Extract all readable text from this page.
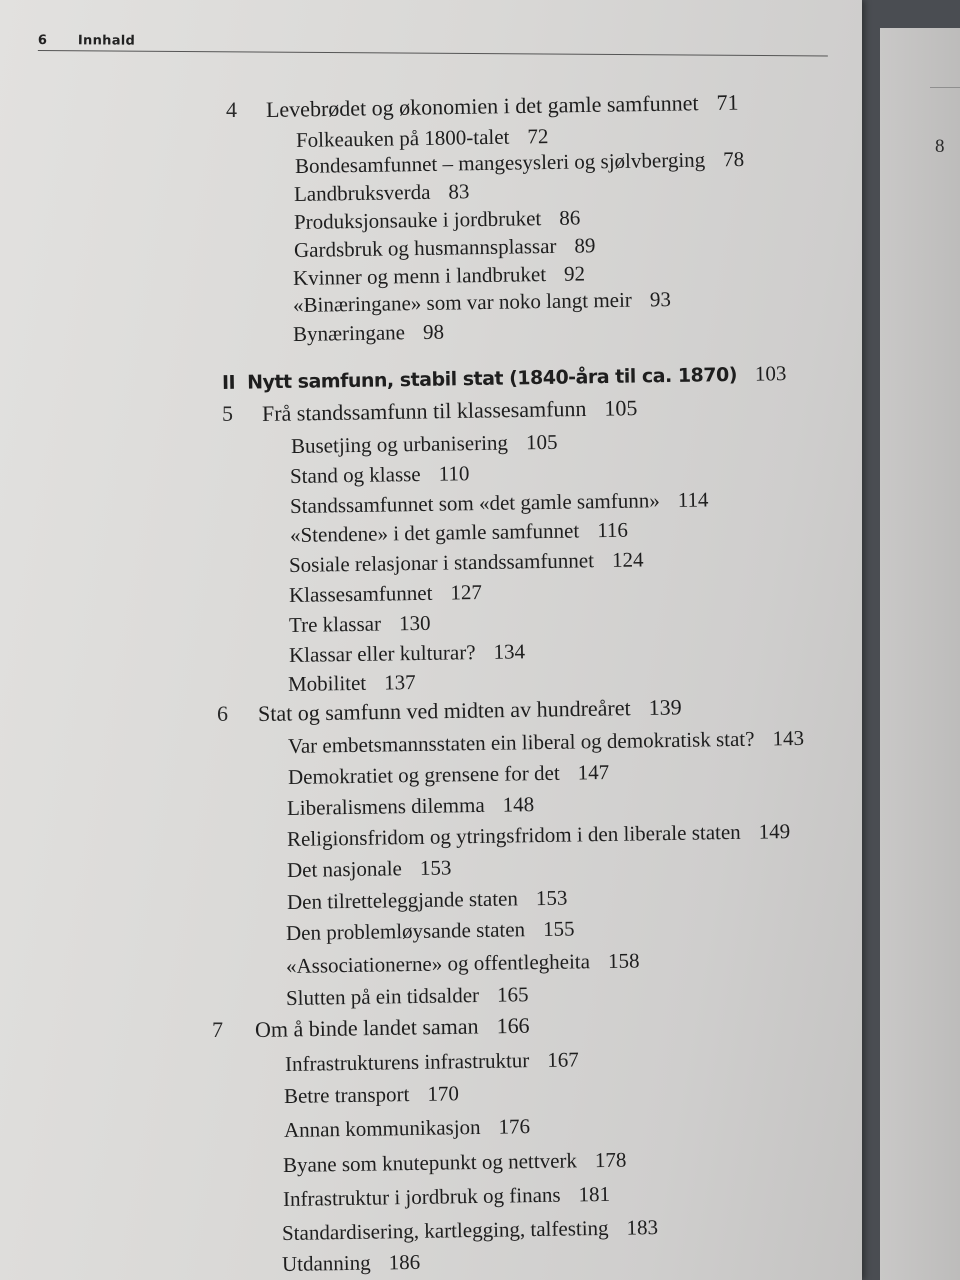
6 Innhald
4 Levebrødet og økonomien i det gamle samfunnet 71
Folkeauken på 1800-talet 72
Bondesamfunnet – mangesysleri og sjølvberging 78
Landbruksverda 83
Produksjonsauke i jordbruket 86
Gardsbruk og husmannsplassar 89
Kvinner og menn i landbruket 92
«Binæringane» som var noko langt meir 93
Bynæringane 98
II Nytt samfunn, stabil stat (1840-åra til ca. 1870) 103
5 Frå standssamfunn til klassesamfunn 105
Busetjing og urbanisering 105
Stand og klasse 110
Standssamfunnet som «det gamle samfunn» 114
«Stendene» i det gamle samfunnet 116
Sosiale relasjonar i standssamfunnet 124
Klassesamfunnet 127
Tre klassar 130
Klassar eller kulturar? 134
Mobilitet 137
6 Stat og samfunn ved midten av hundreåret 139
Var embetsmannsstaten ein liberal og demokratisk stat? 143
Demokratiet og grensene for det 147
Liberalismens dilemma 148
Religionsfridom og ytringsfridom i den liberale staten 149
Det nasjonale 153
Den tilretteleggjande staten 153
Den problemløysande staten 155
«Associationerne» og offentlegheita 158
Slutten på ein tidsalder 165
7 Om å binde landet saman 166
Infrastrukturens infrastruktur 167
Betre transport 170
Annan kommunikasjon 176
Byane som knutepunkt og nettverk 178
Infrastruktur i jordbruk og finans 181
Standardisering, kartlegging, talfesting 183
Utdanning 186
8
